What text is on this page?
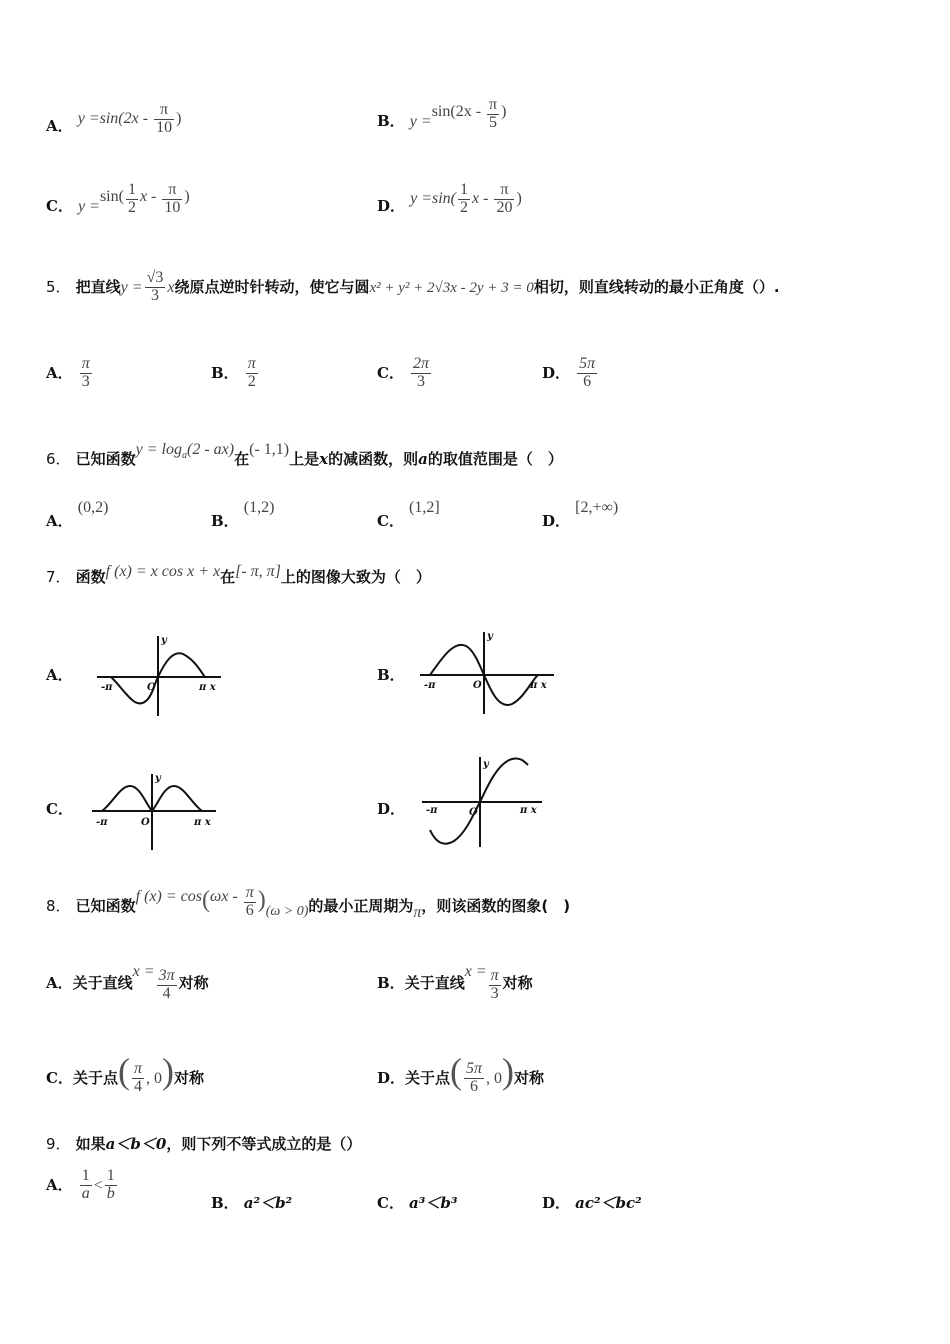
A． $y =\sin(2x - \frac{\pi}{10}$ )	B． $y =\sin(2x - \frac{\pi}{5}$ )
C． $y =\sin( \frac{1}{2}$ x - $\frac{\pi}{10}$ )
D． $y =\sin( \frac{1}{2}$ x - $\frac{\pi}{20}$ )
5． 把直线$y = \frac{√3}{3}$ x绕原点逆时针转动，使它与圆x² + y² + 2√3x - 2y + 3 = 0相切，则直线转动的最小正角度（）.
A． $\frac{\pi}{3}$	B． $\frac{\pi}{2}$	C． $\frac{2\pi}{3}$	D． $\frac{5\pi}{6}$
6． 已知函数$y = \log_a(2 - ax)$在(- 1,1)上是x的减函数，则a的取值范围是（　）
A． (0,2)
B． (1,2)
C． (1,2]
D． [2,+∞)
7． 函数f (x) = x cos x + x在[- π, π]上的图像大致为（　）
A．	B．
C．	D．
y
O
-π	π x
y
O
-π	π x
y
O
-π	π x
y
O
-π	π x
8． 已知函数f $(x) = \cos(\omega x - \frac{\pi}{6} )(\omega > 0)$的最小正周期为π，则该函数的图象(　)
A．关于直线$x = \frac{3\pi}{4}$ 对称	B．关于直线$x = \frac{\pi}{3}$ 对称
C．关于点( $\frac{\pi}{4}$ , 0)对称	D．关于点( $\frac{5\pi}{6}$ , 0)对称
9． 如果a＜b＜0，则下列不等式成立的是（）
A． $\frac{1}{a} < \frac{1}{b}$
B． a²＜b²	C． a³＜b³	D． ac²＜bc²
